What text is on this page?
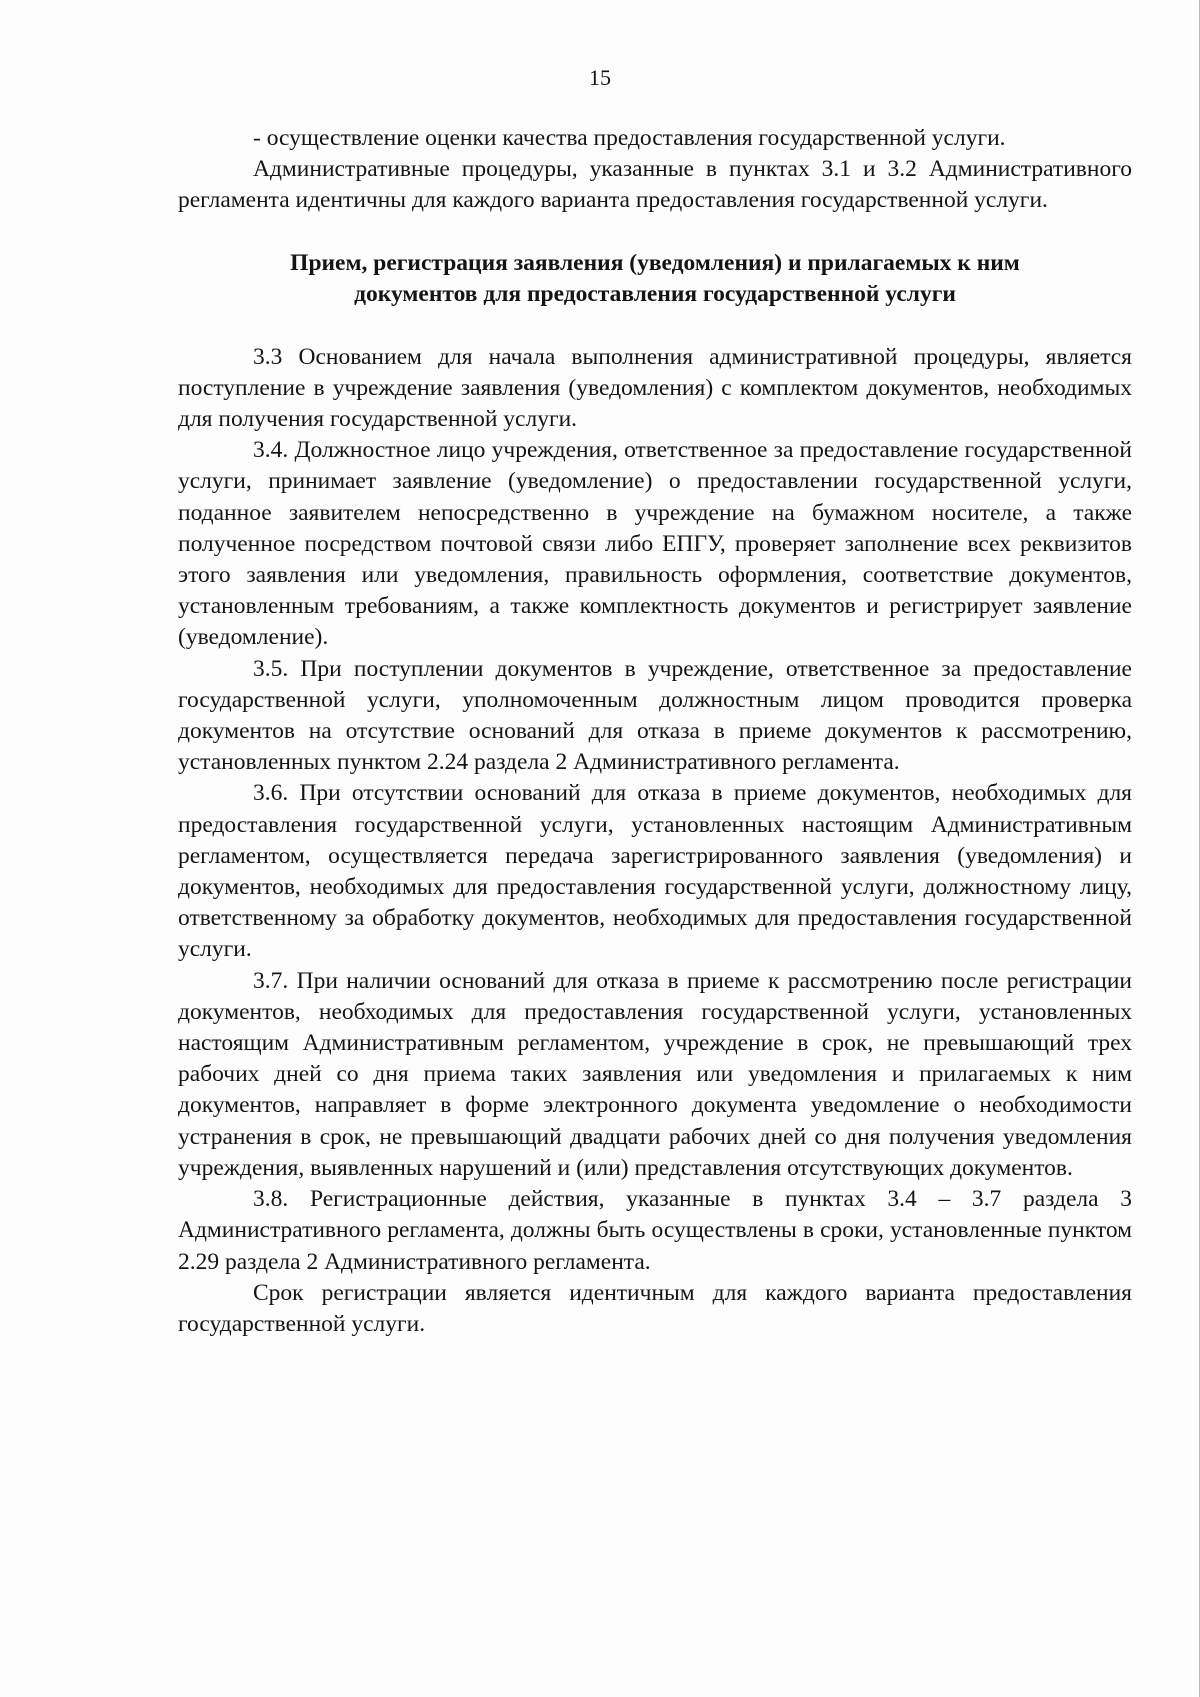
15

- осуществление оценки качества предоставления государственной услуги.

Административные процедуры, указанные в пунктах 3.1 и 3.2 Административного регламента идентичны для каждого варианта предоставления государственной услуги.

Прием, регистрация заявления (уведомления) и прилагаемых к ним
документов для предоставления государственной услуги

3.3 Основанием для начала выполнения административной процедуры, является поступление в учреждение заявления (уведомления) с комплектом документов, необходимых для получения государственной услуги.

3.4. Должностное лицо учреждения, ответственное за предоставление государственной услуги, принимает заявление (уведомление) о предоставлении государственной услуги, поданное заявителем непосредственно в учреждение на бумажном носителе, а также полученное посредством почтовой связи либо ЕПГУ, проверяет заполнение всех реквизитов этого заявления или уведомления, правильность оформления, соответствие документов, установленным требованиям, а также комплектность документов и регистрирует заявление (уведомление).

3.5. При поступлении документов в учреждение, ответственное за предоставление государственной услуги, уполномоченным должностным лицом проводится проверка документов на отсутствие оснований для отказа в приеме документов к рассмотрению, установленных пунктом 2.24 раздела 2 Административного регламента.

3.6. При отсутствии оснований для отказа в приеме документов, необходимых для предоставления государственной услуги, установленных настоящим Административным регламентом, осуществляется передача зарегистрированного заявления (уведомления) и документов, необходимых для предоставления государственной услуги, должностному лицу, ответственному за обработку документов, необходимых для предоставления государственной услуги.

3.7. При наличии оснований для отказа в приеме к рассмотрению после регистрации документов, необходимых для предоставления государственной услуги, установленных настоящим Административным регламентом, учреждение в срок, не превышающий трех рабочих дней со дня приема таких заявления или уведомления и прилагаемых к ним документов, направляет в форме электронного документа уведомление о необходимости устранения в срок, не превышающий двадцати рабочих дней со дня получения уведомления учреждения, выявленных нарушений и (или) представления отсутствующих документов.

3.8. Регистрационные действия, указанные в пунктах 3.4 – 3.7 раздела 3 Административного регламента, должны быть осуществлены в сроки, установленные пунктом 2.29 раздела 2 Административного регламента.

Срок регистрации является идентичным для каждого варианта предоставления государственной услуги.
